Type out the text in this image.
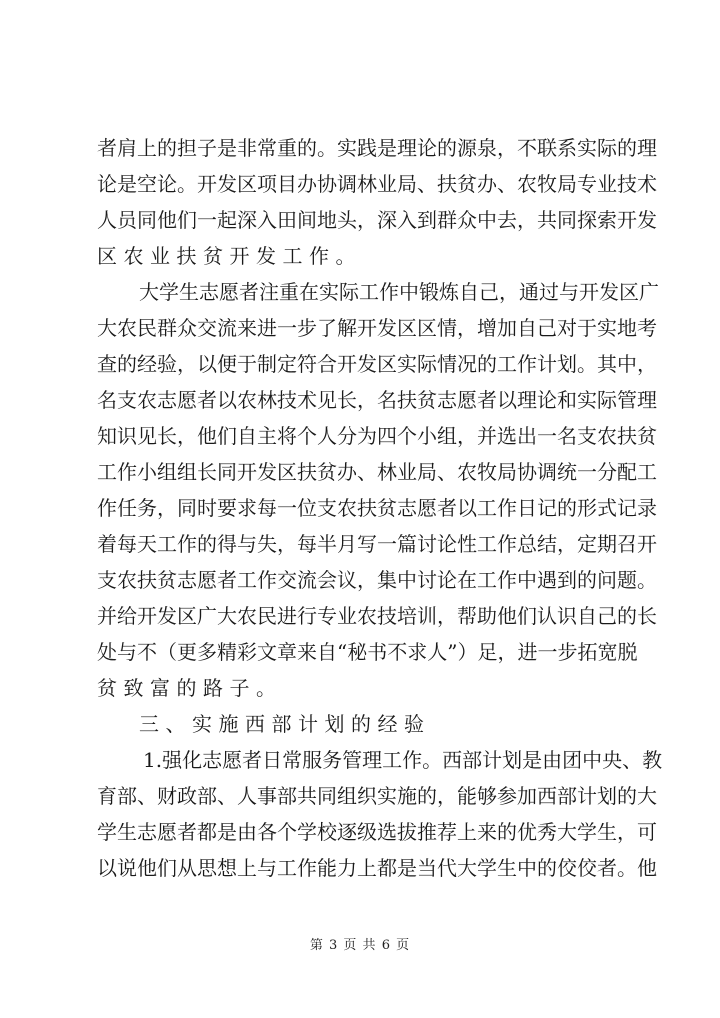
者肩上的担子是非常重的。实践是理论的源泉，不联系实际的理
论是空论。开发区项目办协调林业局、扶贫办、农牧局专业技术
人员同他们一起深入田间地头，深入到群众中去，共同探索开发
区农业扶贫开发工作。
大学生志愿者注重在实际工作中锻炼自己，通过与开发区广
大农民群众交流来进一步了解开发区区情，增加自己对于实地考
查的经验，以便于制定符合开发区实际情况的工作计划。其中，
名支农志愿者以农林技术见长，名扶贫志愿者以理论和实际管理
知识见长，他们自主将个人分为四个小组，并选出一名支农扶贫
工作小组组长同开发区扶贫办、林业局、农牧局协调统一分配工
作任务，同时要求每一位支农扶贫志愿者以工作日记的形式记录
着每天工作的得与失，每半月写一篇讨论性工作总结，定期召开
支农扶贫志愿者工作交流会议，集中讨论在工作中遇到的问题。
并给开发区广大农民进行专业农技培训，帮助他们认识自己的长
处与不（更多精彩文章来自“秘书不求人”）足，进一步拓宽脱
贫致富的路子。
三、实施西部计划的经验
1.强化志愿者日常服务管理工作。西部计划是由团中央、教
育部、财政部、人事部共同组织实施的，能够参加西部计划的大
学生志愿者都是由各个学校逐级选拔推荐上来的优秀大学生，可
以说他们从思想上与工作能力上都是当代大学生中的佼佼者。他
第 3 页 共 6 页
